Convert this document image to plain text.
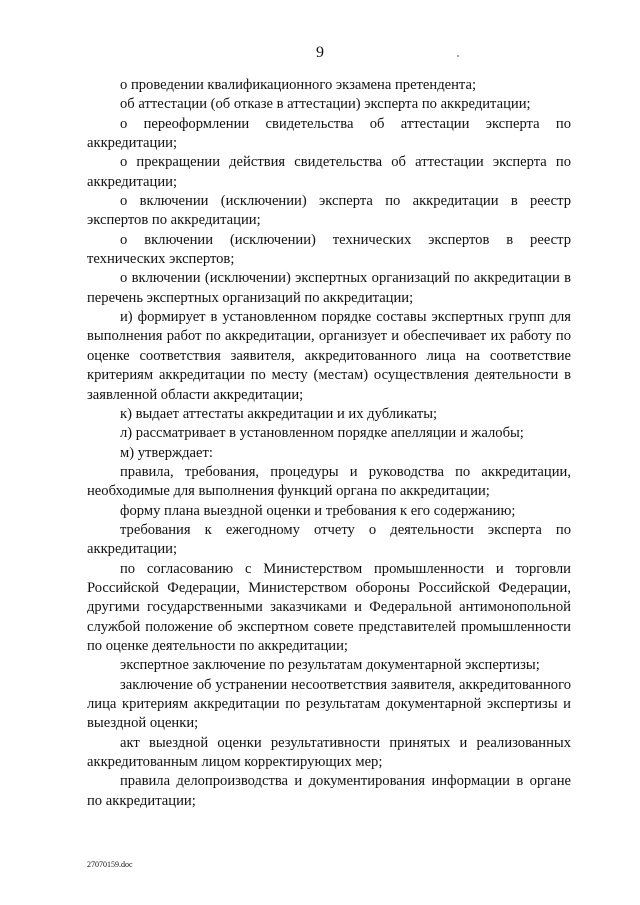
9

о проведении квалификационного экзамена претендента;

об аттестации (об отказе в аттестации) эксперта по аккредитации;

о переоформлении свидетельства об аттестации эксперта по аккредитации;

о прекращении действия свидетельства об аттестации эксперта по аккредитации;

о включении (исключении) эксперта по аккредитации в реестр экспертов по аккредитации;

о включении (исключении) технических экспертов в реестр технических экспертов;

о включении (исключении) экспертных организаций по аккредитации в перечень экспертных организаций по аккредитации;

и) формирует в установленном порядке составы экспертных групп для выполнения работ по аккредитации, организует и обеспечивает их работу по оценке соответствия заявителя, аккредитованного лица на соответствие критериям аккредитации по месту (местам) осуществления деятельности в заявленной области аккредитации;

к) выдает аттестаты аккредитации и их дубликаты;

л) рассматривает в установленном порядке апелляции и жалобы;

м) утверждает:

правила, требования, процедуры и руководства по аккредитации, необходимые для выполнения функций органа по аккредитации;

форму плана выездной оценки и требования к его содержанию;

требования к ежегодному отчету о деятельности эксперта по аккредитации;

по согласованию с Министерством промышленности и торговли Российской Федерации, Министерством обороны Российской Федерации, другими государственными заказчиками и Федеральной антимонопольной службой положение об экспертном совете представителей промышленности по оценке деятельности по аккредитации;

экспертное заключение по результатам документарной экспертизы;

заключение об устранении несоответствия заявителя, аккредитованного лица критериям аккредитации по результатам документарной экспертизы и выездной оценки;

акт выездной оценки результативности принятых и реализованных аккредитованным лицом корректирующих мер;

правила делопроизводства и документирования информации в органе по аккредитации;

27070159.doc
